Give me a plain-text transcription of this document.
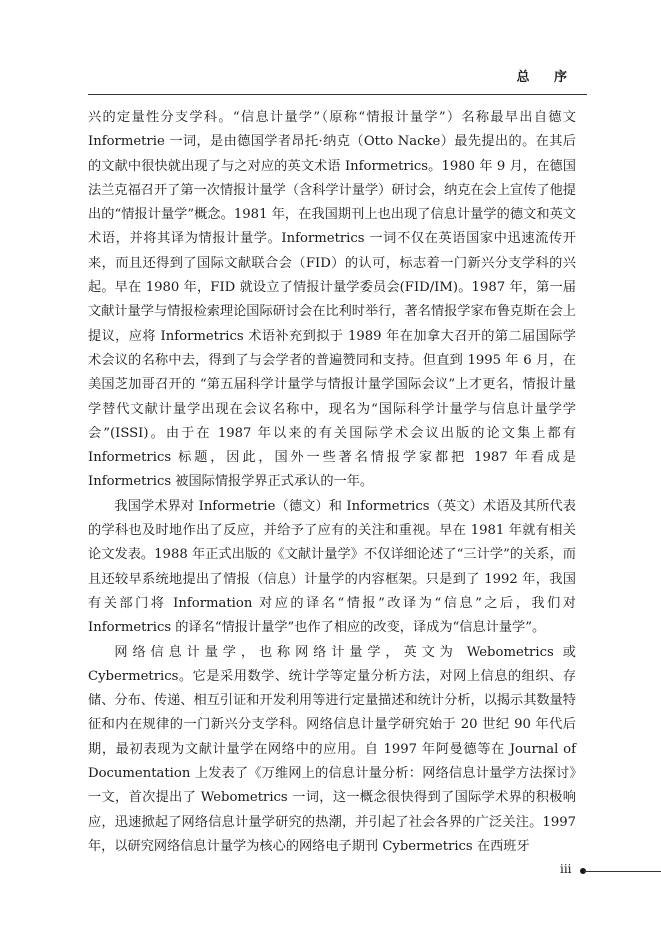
总 序

兴的定量性分支学科。“信息计量学”（原称“情报计量学”）名称最早出自德文 Informetrie 一词，是由德国学者昂托·纳克（Otto Nacke）最先提出的。在其后的文献中很快就出现了与之对应的英文术语 Informetrics。1980 年 9 月，在德国法兰克福召开了第一次情报计量学（含科学计量学）研讨会，纳克在会上宣传了他提出的“情报计量学”概念。1981 年，在我国期刊上也出现了信息计量学的德文和英文术语，并将其译为情报计量学。Informetrics 一词不仅在英语国家中迅速流传开来，而且还得到了国际文献联合会（FID）的认可，标志着一门新兴分支学科的兴起。早在 1980 年，FID 就设立了情报计量学委员会(FID/IM)。1987 年，第一届文献计量学与情报检索理论国际研讨会在比利时举行，著名情报学家布鲁克斯在会上提议，应将 Informetrics 术语补充到拟于 1989 年在加拿大召开的第二届国际学术会议的名称中去，得到了与会学者的普遍赞同和支持。但直到 1995 年 6 月，在美国芝加哥召开的 “第五届科学计量学与情报计量学国际会议”上才更名，情报计量学替代文献计量学出现在会议名称中，现名为“国际科学计量学与信息计量学学会”(ISSI)。由于在 1987 年以来的有关国际学术会议出版的论文集上都有 Informetrics 标题，因此，国外一些著名情报学家都把 1987 年看成是 Informetrics 被国际情报学界正式承认的一年。

我国学术界对 Informetrie（德文）和 Informetrics（英文）术语及其所代表的学科也及时地作出了反应，并给予了应有的关注和重视。早在 1981 年就有相关论文发表。1988 年正式出版的《文献计量学》不仅详细论述了“三计学”的关系，而且还较早系统地提出了情报（信息）计量学的内容框架。只是到了 1992 年，我国有关部门将 Information 对应的译名“情报”改译为“信息”之后，我们对 Informetrics 的译名“情报计量学”也作了相应的改变，译成为“信息计量学”。

网络信息计量学，也称网络计量学，英文为 Webometrics 或 Cybermetrics。它是采用数学、统计学等定量分析方法，对网上信息的组织、存储、分布、传递、相互引证和开发利用等进行定量描述和统计分析，以揭示其数量特征和内在规律的一门新兴分支学科。网络信息计量学研究始于 20 世纪 90 年代后期，最初表现为文献计量学在网络中的应用。自 1997 年阿曼德等在 Journal of Documentation 上发表了《万维网上的信息计量分析：网络信息计量学方法探讨》一文，首次提出了 Webometrics 一词，这一概念很快得到了国际学术界的积极响应，迅速掀起了网络信息计量学研究的热潮，并引起了社会各界的广泛关注。1997 年，以研究网络信息计量学为核心的网络电子期刊 Cybermetrics 在西班牙

iii
